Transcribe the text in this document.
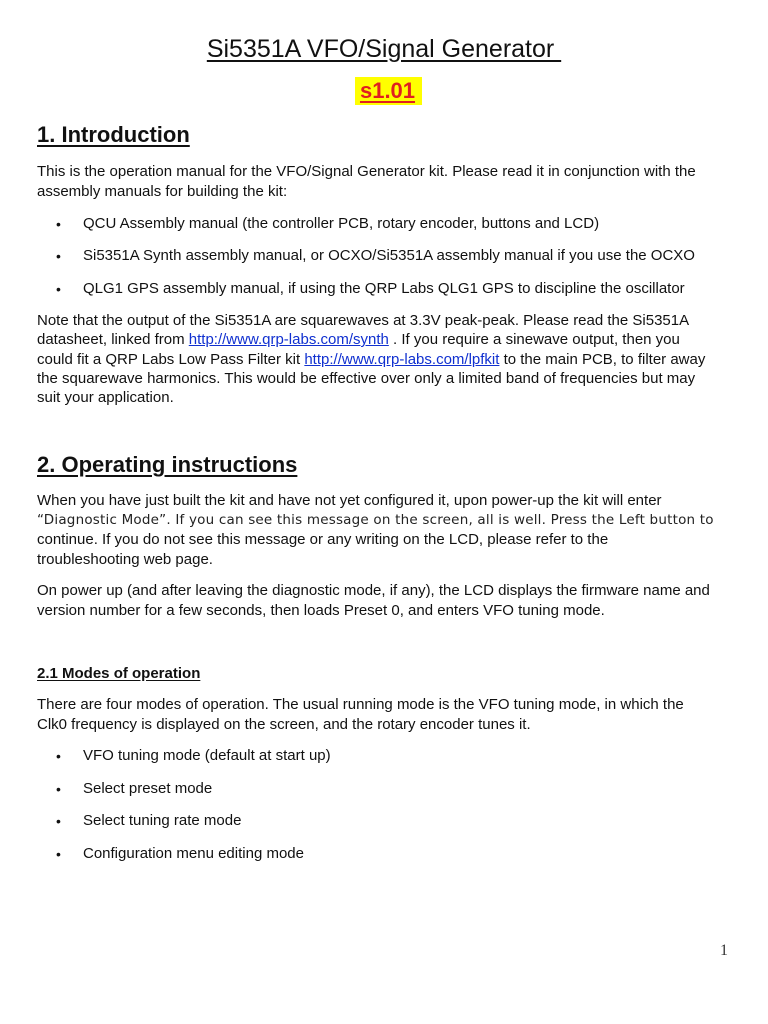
Si5351A VFO/Signal Generator
s1.01
1. Introduction

This is the operation manual for the VFO/Signal Generator kit. Please read it in conjunction with the

assembly manuals for building the kit:

• QCU Assembly manual (the controller PCB, rotary encoder, buttons and LCD)
• Si5351A Synth assembly manual, or OCXO/Si5351A assembly manual if you use the OCXO
• QLG1 GPS assembly manual, if using the QRP Labs QLG1 GPS to discipline the oscillator

Note that the output of the Si5351A are squarewaves at 3.3V peak-peak. Please read the Si5351A

datasheet, linked from http://www.qrp-labs.com/synth . If you require a sinewave output, then you

could fit a QRP Labs Low Pass Filter kit http://www.qrp-labs.com/lpfkit to the main PCB, to filter away

the squarewave harmonics. This would be effective over only a limited band of frequencies but may

suit your application.

2. Operating instructions

When you have just built the kit and have not yet configured it, upon power-up the kit will enter

“Diagnostic Mode”. If you can see this message on the screen, all is well. Press the Left button to

continue. If you do not see this message or any writing on the LCD, please refer to the

troubleshooting web page.

On power up (and after leaving the diagnostic mode, if any), the LCD displays the firmware name and

version number for a few seconds, then loads Preset 0, and enters VFO tuning mode.

2.1 Modes of operation

There are four modes of operation. The usual running mode is the VFO tuning mode, in which the

Clk0 frequency is displayed on the screen, and the rotary encoder tunes it.

• VFO tuning mode (default at start up)
• Select preset mode
• Select tuning rate mode
• Configuration menu editing mode
1
